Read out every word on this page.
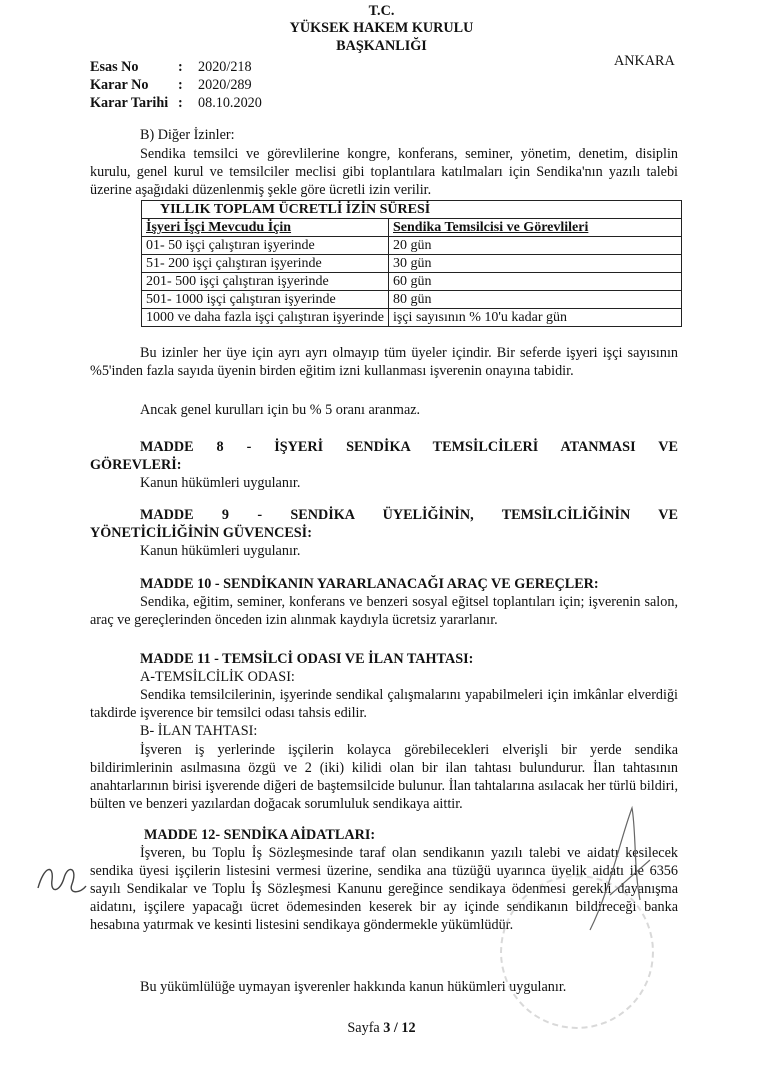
T.C.
YÜKSEK HAKEM KURULU
BAŞKANLIĞI
Esas No	: 2020/218
Karar No : 2020/289
Karar Tarihi : 08.10.2020
ANKARA
B) Diğer İzinler:
Sendika temsilci ve görevlilerine kongre, konferans, seminer, yönetim, denetim, disiplin kurulu, genel kurul ve temsilciler meclisi gibi toplantılara katılmaları için Sendika'nın yazılı talebi üzerine aşağıdaki düzenlenmiş şekle göre ücretli izin verilir.
YILLIK TOPLAM ÜCRETLİ İZİN SÜRESİ	
İşyeri İşçi Mevcudu İçin	Sendika Temsilcisi ve Görevlileri
01- 50 işçi çalıştıran işyerinde	20 gün
51- 200 işçi çalıştıran işyerinde	30 gün
201- 500 işçi çalıştıran işyerinde	60 gün
501- 1000 işçi çalıştıran işyerinde	80 gün
1000 ve daha fazla işçi çalıştıran işyerinde	işçi sayısının % 10'u kadar gün
Bu izinler her üye için ayrı ayrı olmayıp tüm üyeler içindir. Bir seferde işyeri işçi sayısının %5'inden fazla sayıda üyenin birden eğitim izni kullanması işverenin onayına tabidir.
Ancak genel kurulları için bu % 5 oranı aranmaz.
MADDE 8 - İŞYERİ SENDİKA TEMSİLCİLERİ ATANMASI VE
GÖREVLERİ:
Kanun hükümleri uygulanır.
MADDE 9 - SENDİKA ÜYELİĞİNİN, TEMSİLCİLİĞİNİN VE
YÖNETİCİLİĞİNİN GÜVENCESİ:
Kanun hükümleri uygulanır.
MADDE 10 - SENDİKANIN YARARLANACAĞI ARAÇ VE GEREÇLER:
Sendika, eğitim, seminer, konferans ve benzeri sosyal eğitsel toplantıları için; işverenin salon, araç ve gereçlerinden önceden izin alınmak kaydıyla ücretsiz yararlanır.
MADDE 11 - TEMSİLCİ ODASI VE İLAN TAHTASI:
A-TEMSİLCİLİK ODASI:
Sendika temsilcilerinin, işyerinde sendikal çalışmalarını yapabilmeleri için imkânlar elverdiği takdirde işverence bir temsilci odası tahsis edilir.
B- İLAN TAHTASI:
İşveren iş yerlerinde işçilerin kolayca görebilecekleri elverişli bir yerde sendika bildirimlerinin asılmasına özgü ve 2 (iki) kilidi olan bir ilan tahtası bulundurur. İlan tahtasının anahtarlarının birisi işverende diğeri de baştemsilcide bulunur. İlan tahtalarına asılacak her türlü bildiri, bülten ve benzeri yazılardan doğacak sorumluluk sendikaya aittir.
MADDE 12- SENDİKA AİDATLARI:
İşveren, bu Toplu İş Sözleşmesinde taraf olan sendikanın yazılı talebi ve aidatı kesilecek sendika üyesi işçilerin listesini vermesi üzerine, sendika ana tüzüğü uyarınca üyelik aidatı ile 6356 sayılı Sendikalar ve Toplu İş Sözleşmesi Kanunu gereğince sendikaya ödenmesi gerekli dayanışma aidatını, işçilere yapacağı ücret ödemesinden keserek bir ay içinde sendikanın bildireceği banka hesabına yatırmak ve kesinti listesini sendikaya göndermekle yükümlüdür.
Bu yükümlülüğe uymayan işverenler hakkında kanun hükümleri uygulanır.
Sayfa 3 / 12
